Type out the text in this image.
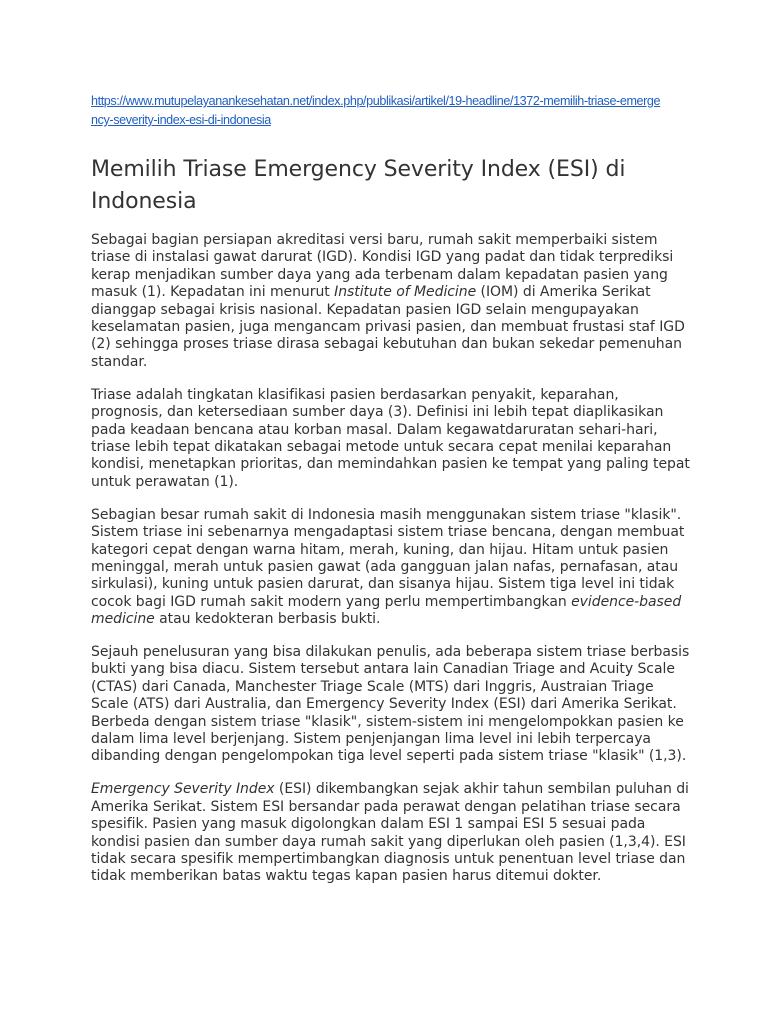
https://www.mutupelayanankesehatan.net/index.php/publikasi/artikel/19-headline/1372-memilih-triase-emergency-severity-index-esi-di-indonesia
Memilih Triase Emergency Severity Index (ESI) di Indonesia

Sebagai bagian persiapan akreditasi versi baru, rumah sakit memperbaiki sistem triase di instalasi gawat darurat (IGD). Kondisi IGD yang padat dan tidak terprediksi kerap menjadikan sumber daya yang ada terbenam dalam kepadatan pasien yang masuk (1). Kepadatan ini menurut Institute of Medicine (IOM) di Amerika Serikat dianggap sebagai krisis nasional. Kepadatan pasien IGD selain mengupayakan keselamatan pasien, juga mengancam privasi pasien, dan membuat frustasi staf IGD (2) sehingga proses triase dirasa sebagai kebutuhan dan bukan sekedar pemenuhan standar.

Triase adalah tingkatan klasifikasi pasien berdasarkan penyakit, keparahan, prognosis, dan ketersediaan sumber daya (3). Definisi ini lebih tepat diaplikasikan pada keadaan bencana atau korban masal. Dalam kegawatdaruratan sehari-hari, triase lebih tepat dikatakan sebagai metode untuk secara cepat menilai keparahan kondisi, menetapkan prioritas, dan memindahkan pasien ke tempat yang paling tepat untuk perawatan (1).

Sebagian besar rumah sakit di Indonesia masih menggunakan sistem triase "klasik". Sistem triase ini sebenarnya mengadaptasi sistem triase bencana, dengan membuat kategori cepat dengan warna hitam, merah, kuning, dan hijau. Hitam untuk pasien meninggal, merah untuk pasien gawat (ada gangguan jalan nafas, pernafasan, atau sirkulasi), kuning untuk pasien darurat, dan sisanya hijau. Sistem tiga level ini tidak cocok bagi IGD rumah sakit modern yang perlu mempertimbangkan evidence-based medicine atau kedokteran berbasis bukti.

Sejauh penelusuran yang bisa dilakukan penulis, ada beberapa sistem triase berbasis bukti yang bisa diacu. Sistem tersebut antara lain Canadian Triage and Acuity Scale (CTAS) dari Canada, Manchester Triage Scale (MTS) dari Inggris, Austraian Triage Scale (ATS) dari Australia, dan Emergency Severity Index (ESI) dari Amerika Serikat. Berbeda dengan sistem triase "klasik", sistem-sistem ini mengelompokkan pasien ke dalam lima level berjenjang. Sistem penjenjangan lima level ini lebih terpercaya dibanding dengan pengelompokan tiga level seperti pada sistem triase "klasik" (1,3).

Emergency Severity Index (ESI) dikembangkan sejak akhir tahun sembilan puluhan di Amerika Serikat. Sistem ESI bersandar pada perawat dengan pelatihan triase secara spesifik. Pasien yang masuk digolongkan dalam ESI 1 sampai ESI 5 sesuai pada kondisi pasien dan sumber daya rumah sakit yang diperlukan oleh pasien (1,3,4). ESI tidak secara spesifik mempertimbangkan diagnosis untuk penentuan level triase dan tidak memberikan batas waktu tegas kapan pasien harus ditemui dokter.
